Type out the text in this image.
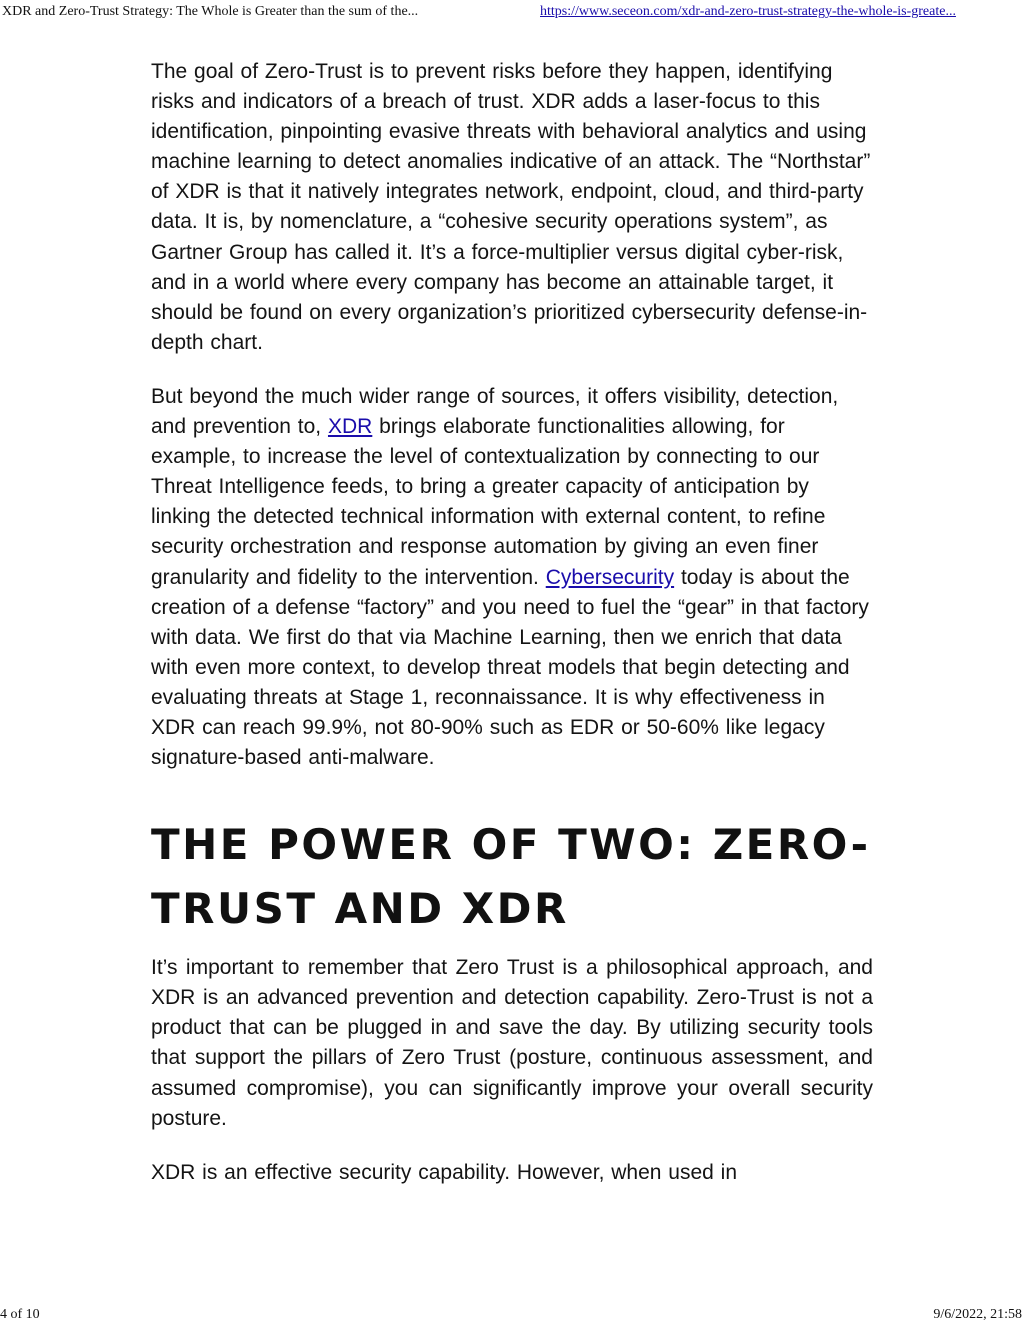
XDR and Zero-Trust Strategy: The Whole is Greater than the sum of the...	https://www.seceon.com/xdr-and-zero-trust-strategy-the-whole-is-greate...

The goal of Zero-Trust is to prevent risks before they happen, identifying risks and indicators of a breach of trust. XDR adds a laser-focus to this identification, pinpointing evasive threats with behavioral analytics and using machine learning to detect anomalies indicative of an attack. The “Northstar” of XDR is that it natively integrates network, endpoint, cloud, and third-party data. It is, by nomenclature, a “cohesive security operations system”, as Gartner Group has called it. It’s a force-multiplier versus digital cyber-risk, and in a world where every company has become an attainable target, it should be found on every organization’s prioritized cybersecurity defense-in-depth chart.

But beyond the much wider range of sources, it offers visibility, detection, and prevention to, XDR brings elaborate functionalities allowing, for example, to increase the level of contextualization by connecting to our Threat Intelligence feeds, to bring a greater capacity of anticipation by linking the detected technical information with external content, to refine security orchestration and response automation by giving an even finer granularity and fidelity to the intervention. Cybersecurity today is about the creation of a defense “factory” and you need to fuel the “gear” in that factory with data. We first do that via Machine Learning, then we enrich that data with even more context, to develop threat models that begin detecting and evaluating threats at Stage 1, reconnaissance. It is why effectiveness in XDR can reach 99.9%, not 80-90% such as EDR or 50-60% like legacy signature-based anti-malware.

THE POWER OF TWO: ZERO-TRUST AND XDR

It’s important to remember that Zero Trust is a philosophical approach, and XDR is an advanced prevention and detection capability. Zero-Trust is not a product that can be plugged in and save the day. By utilizing security tools that support the pillars of Zero Trust (posture, continuous assessment, and assumed compromise), you can significantly improve your overall security posture.

XDR is an effective security capability. However, when used in

4 of 10	9/6/2022, 21:58
